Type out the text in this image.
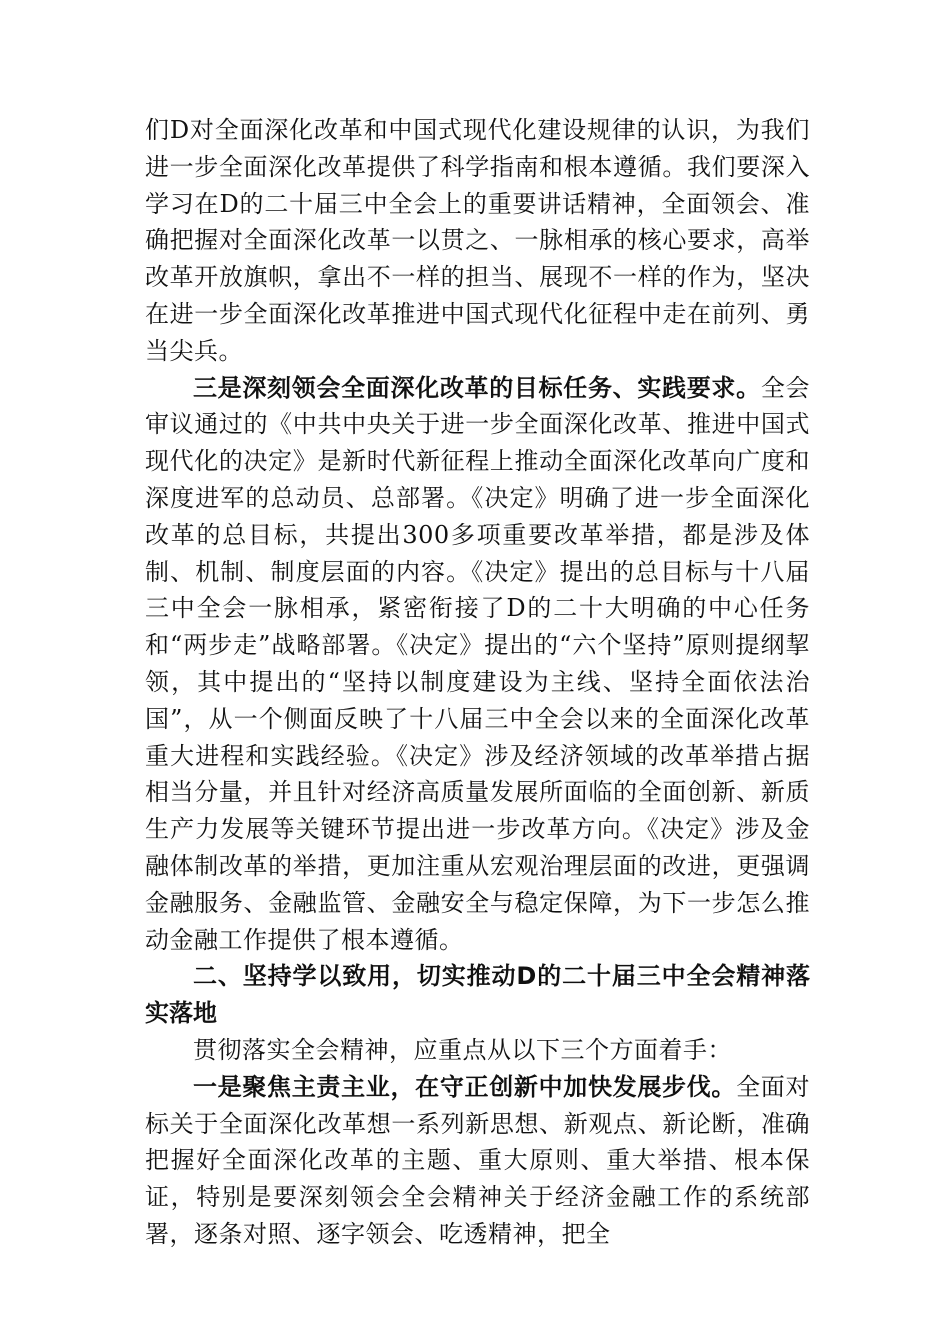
们D对全面深化改革和中国式现代化建设规律的认识，为我们进一步全面深化改革提供了科学指南和根本遵循。我们要深入学习在D的二十届三中全会上的重要讲话精神，全面领会、准确把握对全面深化改革一以贯之、一脉相承的核心要求，高举改革开放旗帜，拿出不一样的担当、展现不一样的作为，坚决在进一步全面深化改革推进中国式现代化征程中走在前列、勇当尖兵。

三是深刻领会全面深化改革的目标任务、实践要求。全会审议通过的《中共中央关于进一步全面深化改革、推进中国式现代化的决定》是新时代新征程上推动全面深化改革向广度和深度进军的总动员、总部署。《决定》明确了进一步全面深化改革的总目标，共提出300多项重要改革举措，都是涉及体制、机制、制度层面的内容。《决定》提出的总目标与十八届三中全会一脉相承，紧密衔接了D的二十大明确的中心任务和“两步走”战略部署。《决定》提出的“六个坚持”原则提纲挈领，其中提出的“坚持以制度建设为主线、坚持全面依法治国”，从一个侧面反映了十八届三中全会以来的全面深化改革重大进程和实践经验。《决定》涉及经济领域的改革举措占据相当分量，并且针对经济高质量发展所面临的全面创新、新质生产力发展等关键环节提出进一步改革方向。《决定》涉及金融体制改革的举措，更加注重从宏观治理层面的改进，更强调金融服务、金融监管、金融安全与稳定保障，为下一步怎么推动金融工作提供了根本遵循。

二、坚持学以致用，切实推动D的二十届三中全会精神落实落地

贯彻落实全会精神，应重点从以下三个方面着手：

一是聚焦主责主业，在守正创新中加快发展步伐。全面对标关于全面深化改革想一系列新思想、新观点、新论断，准确把握好全面深化改革的主题、重大原则、重大举措、根本保证，特别是要深刻领会全会精神关于经济金融工作的系统部署，逐条对照、逐字领会、吃透精神，把全
